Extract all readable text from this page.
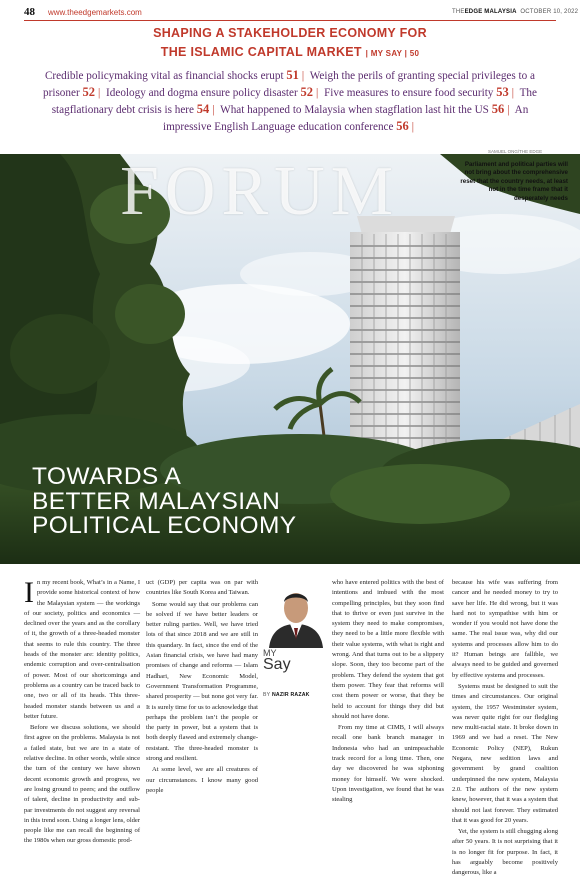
48 www.theedgemarkets.com	THEEDGE MALAYSIA OCTOBER 10, 2022
SHAPING A STAKEHOLDER ECONOMY FOR
THE ISLAMIC CAPITAL MARKET | MY SAY | 50
Credible policymaking vital as financial shocks erupt 51 | Weigh the perils of granting special privileges to a prisoner 52 | Ideology and dogma ensure policy disaster 52 | Five measures to ensure food security 53 | The stagflationary debt crisis is here 54 | What happened to Malaysia when stagflation last hit the US 56 | An impressive English Language education conference 56 |
SAMUEL ONG/THE EDGE
FORUM	Parliament and political parties will not bring about the comprehensive reset that the country needs, at least not in the time frame that it desperately needs
TOWARDS A
BETTER MALAYSIAN
POLITICAL ECONOMY
I n my recent book, What’s in a Name, I provide some historical context of how the Malaysian system — the workings of our society, politics and economics — declined over the years and as the corollary of it, the growth of a three-headed monster that seems to rule this country. The three heads of the monster are: identity politics, endemic corruption and over-centralisation of power. Most of our shortcomings and problems as a country can be traced back to one, two or all of its heads. This three-headed monster stands between us and a better future.

Before we discuss solutions, we should first agree on the problems. Malaysia is not a failed state, but we are in a state of relative decline. In other words, while since the turn of the century we have shown decent economic growth and progress, we are losing ground to peers; and the outflow of talent, decline in productivity and sub-par investments do not suggest any reversal in this trend soon. Using a longer lens, older people like me can recall the beginning of the 1980s when our gross domestic prod-

uct (GDP) per capita was on par with countries like South Korea and Taiwan.

Some would say that our problems can be solved if we have better leaders or better ruling parties. Well, we have tried lots of that since 2018 and we are still in this quandary. In fact, since the end of the Asian financial crisis, we have had many promises of change and reforms — Islam Hadhari, New Economic Model, Government Transformation Programme, shared prosperity — but none got very far. It is surely time for us to acknowledge that perhaps the problem isn’t the people or the party in power, but a system that is both deeply flawed and extremely change-resistant. The three-headed monster is strong and resilient.

At some level, we are all creatures of our circumstances. I know many good people

MY
Say
BY NAZIR RAZAK

who have entered politics with the best of intentions and imbued with the most compelling principles, but they soon find that to thrive or even just survive in the system they need to make compromises, they need to be a little more flexible with their value systems, with what is right and wrong. And that turns out to be a slippery slope. Soon, they too become part of the problem. They defend the system that got them power. They fear that reforms will cost them power or worse, that they be held to account for things they did but should not have done.

From my time at CIMB, I will always recall one bank branch manager in Indonesia who had an unimpeachable track record for a long time. Then, one day we discovered he was siphoning money for himself. We were shocked. Upon investigation, we found that he was stealing

because his wife was suffering from cancer and he needed money to try to save her life. He did wrong, but it was hard not to sympathise with him or wonder if you would not have done the same. The real issue was, why did our systems and processes allow him to do it? Human beings are fallible, we always need to be guided and governed by effective systems and processes.

Systems must be designed to suit the times and circumstances. Our original system, the 1957 Westminster system, was never quite right for our fledgling new multi-racial state. It broke down in 1969 and we had a reset. The New Economic Policy (NEP), Rukun Negara, new sedition laws and government by grand coalition underpinned the new system, Malaysia 2.0. The authors of the new system knew, however, that it was a system that should not last forever. They estimated that it was good for 20 years.

Yet, the system is still chugging along after 50 years. It is not surprising that it is no longer fit for purpose. In fact, it has arguably become positively dangerous, like a
